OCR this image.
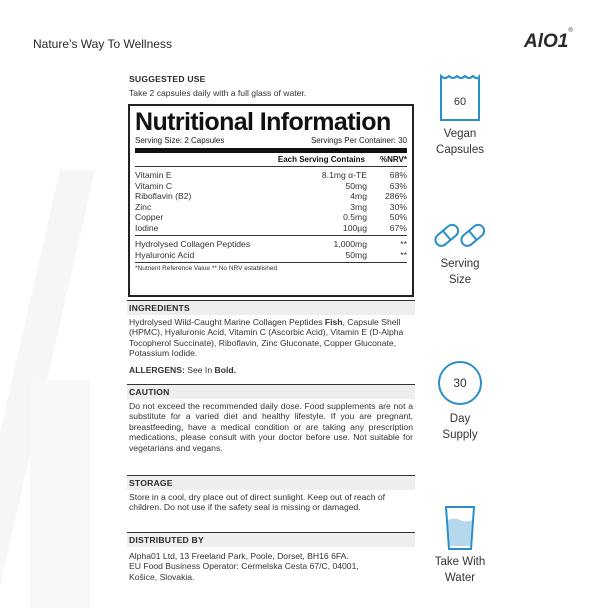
Nature’s Way To Wellness	AlO1®
SUGGESTED USE
Take 2 capsules daily with a full glass of water.
Nutritional Information
Serving Size: 2 Capsules	Servings Per Container: 30
Each Serving Contains	%NRV*
Vitamin E	8.1mg α-TE	68%
Vitamin C	50mg	63%
Riboflavin (B2)	4mg	286%
Zinc	3mg	30%
Copper	0.5mg	50%
Iodine	100µg	67%
Hydrolysed Collagen Peptides	1,000mg	**
Hyaluronic Acid	50mg	**
*Nutrient Reference Value ** No NRV established
INGREDIENTS
Hydrolysed Wild-Caught Marine Collagen Peptides Fish, Capsule Shell (HPMC), Hyaluronic Acid, Vitamin C (Ascorbic Acid), Vitamin E (D-Alpha Tocopherol Succinate), Riboflavin, Zinc Gluconate, Copper Gluconate, Potassium Iodide.
ALLERGENS: See In Bold.
CAUTION
Do not exceed the recommended daily dose. Food supplements are not a substitute for a varied diet and healthy lifestyle. If you are pregnant, breastfeeding, have a medical condition or are taking any prescription medications, please consult with your doctor before use. Not suitable for vegetarians and vegans.
STORAGE
Store in a cool, dry place out of direct sunlight. Keep out of reach of children. Do not use if the safety seal is missing or damaged.
DISTRIBUTED BY
Alpha01 Ltd, 13 Freeland Park, Poole, Dorset, BH16 6FA.
EU Food Business Operator: Cermelska Cesta 67/C, 04001,
Košice, Slovakia.
60
Vegan
Capsules
Serving
Size
30
Day
Supply
Take With
Water
